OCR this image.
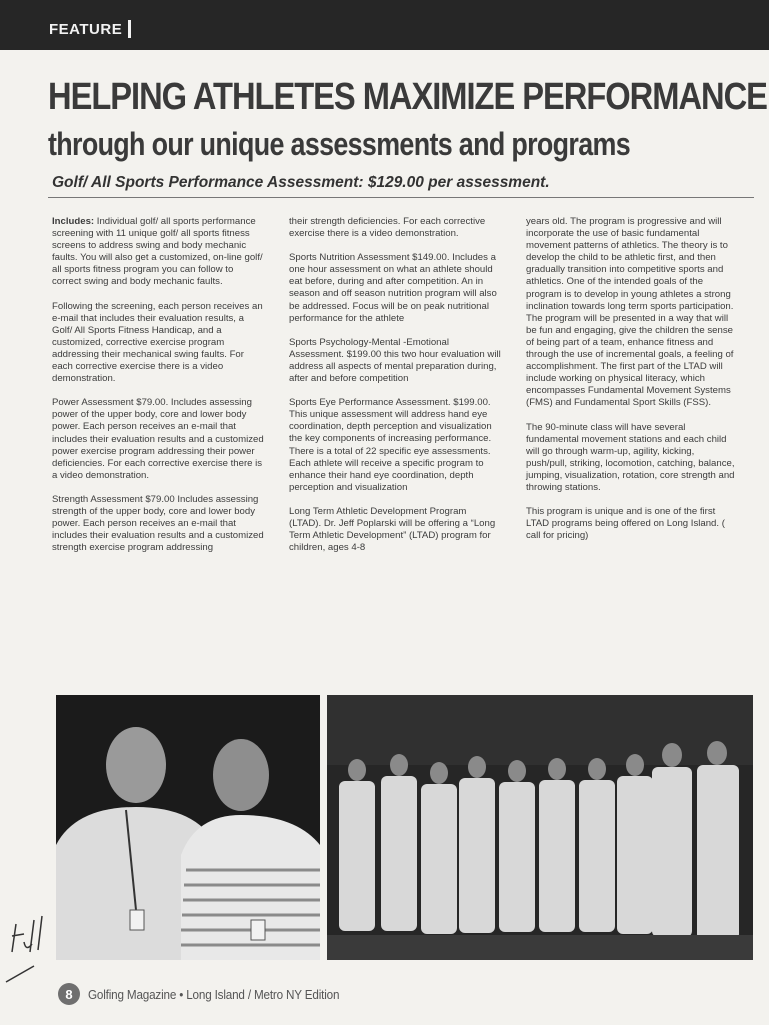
FEATURE
HELPING ATHLETES MAXIMIZE PERFORMANCE
through our unique assessments and programs
Golf/ All Sports Performance Assessment: $129.00 per assessment.

Includes: Individual golf/ all sports performance screening with 11 unique golf/ all sports fitness screens to address swing and body mechanic faults. You will also get a customized, on-line golf/ all sports fitness program you can follow to correct swing and body mechanic faults.

Following the screening, each person receives an e-mail that includes their evaluation results, a Golf/ All Sports Fitness Handicap, and a customized, corrective exercise program addressing their mechanical swing faults. For each corrective exercise there is a video demonstration.

Power Assessment $79.00. Includes assessing power of the upper body, core and lower body power. Each person receives an e-mail that includes their evaluation results and a customized power exercise program addressing their power deficiencies. For each corrective exercise there is a video demonstration.

Strength Assessment $79.00 Includes assessing strength of the upper body, core and lower body power. Each person receives an e-mail that includes their evaluation results and a customized strength exercise program addressing

their strength deficiencies. For each corrective exercise there is a video demonstration.

Sports Nutrition Assessment $149.00. Includes a one hour assessment on what an athlete should eat before, during and after competition. An in season and off season nutrition program will also be addressed. Focus will be on peak nutritional performance for the athlete

Sports Psychology-Mental -Emotional Assessment. $199.00 this two hour evaluation will address all aspects of mental preparation during, after and before competition

Sports Eye Performance Assessment. $199.00. This unique assessment will address hand eye coordination, depth perception and visualization the key components of increasing performance. There is a total of 22 specific eye assessments. Each athlete will receive a specific program to enhance their hand eye coordination, depth perception and visualization

Long Term Athletic Development Program (LTAD). Dr. Jeff Poplarski will be offering a “Long Term Athletic Development” (LTAD) program for children, ages 4-8

years old. The program is progressive and will incorporate the use of basic fundamental movement patterns of athletics. The theory is to develop the child to be athletic first, and then gradually transition into competitive sports and athletics. One of the intended goals of the program is to develop in young athletes a strong inclination towards long term sports participation. The program will be presented in a way that will be fun and engaging, give the children the sense of being part of a team, enhance fitness and through the use of incremental goals, a feeling of accomplishment. The first part of the LTAD will include working on physical literacy, which encompasses Fundamental Movement Systems (FMS) and Fundamental Sport Skills (FSS).

The 90-minute class will have several fundamental movement stations and each child will go through warm-up, agility, kicking, push/pull, striking, locomotion, catching, balance, jumping, visualization, rotation, core strength and throwing stations.

This program is unique and is one of the first LTAD programs being offered on Long Island. ( call for pricing)

8	Golfing Magazine • Long Island / Metro NY Edition
